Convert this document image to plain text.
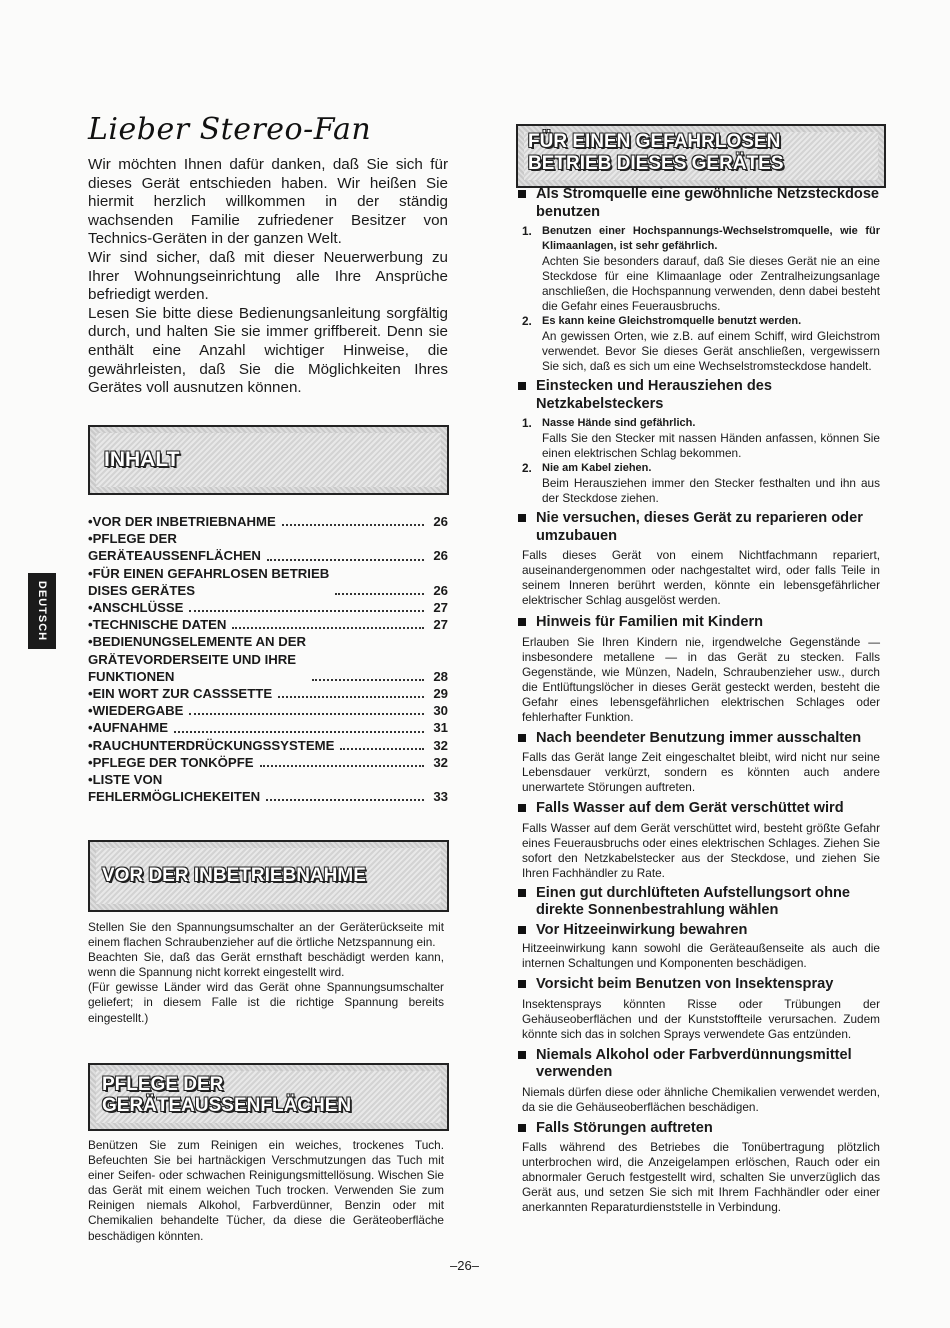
Lieber Stereo-Fan

Wir möchten Ihnen dafür danken, daß Sie sich für dieses Gerät entschieden haben. Wir heißen Sie hiermit herzlich willkommen in der ständig wachsenden Familie zufriedener Besitzer von Technics-Geräten in der ganzen Welt.

Wir sind sicher, daß mit dieser Neuerwerbung zu Ihrer Wohnungseinrichtung alle Ihre Ansprüche befriedigt werden.

Lesen Sie bitte diese Bedienungsanleitung sorgfältig durch, und halten Sie sie immer griffbereit. Denn sie enthält eine Anzahl wichtiger Hinweise, die gewährleisten, daß Sie die Möglichkeiten Ihres Gerätes voll ausnutzen können.

INHALT
•VOR DER INBETRIEBNAHME	26
•PFLEGE DER
GERÄTEAUSSENFLÄCHEN	26
•FÜR EINEN GEFAHRLOSEN BETRIEB
DISES GERÄTES	26
•ANSCHLÜSSE	27
•TECHNISCHE DATEN	27
•BEDIENUNGSELEMENTE AN DER
GRÄTEVORDERSEITE UND IHRE
FUNKTIONEN	28
•EIN WORT ZUR CASSSETTE	29
•WIEDERGABE	30
•AUFNAHME	31
•RAUCHUNTERDRÜCKUNGSSYSTEME	32
•PFLEGE DER TONKÖPFE	32
•LISTE VON
FEHLERMÖGLICHEKEITEN	33
VOR DER INBETRIEBNAHME

Stellen Sie den Spannungsumschalter an der Geräterückseite mit einem flachen Schraubenzieher auf die örtliche Netzspannung ein.

Beachten Sie, daß das Gerät ernsthaft beschädigt werden kann, wenn die Spannung nicht korrekt eingestellt wird.

(Für gewisse Länder wird das Gerät ohne Spannungsumschalter geliefert; in diesem Falle ist die richtige Spannung bereits eingestellt.)

PFLEGE DER
GERÄTEAUSSENFLÄCHEN

Benützen Sie zum Reinigen ein weiches, trockenes Tuch. Befeuchten Sie bei hartnäckigen Verschmutzungen das Tuch mit einer Seifen- oder schwachen Reinigungsmittellösung. Wischen Sie das Gerät mit einem weichen Tuch trocken. Verwenden Sie zum Reinigen niemals Alkohol, Farbverdünner, Benzin oder mit Chemikalien behandelte Tücher, da diese die Geräteoberfläche beschädigen könnten.

DEUTSCH
FÜR EINEN GEFAHRLOSEN
BETRIEB DIESES GERÄTES
Als Stromquelle eine gewöhnliche Netzsteckdose benutzen
1. Benutzen einer Hochspannungs-Wechselstromquelle, wie für Klimaanlagen, ist sehr gefährlich.
Achten Sie besonders darauf, daß Sie dieses Gerät nie an eine Steckdose für eine Klimaanlage oder Zentralheizungsanlage anschließen, die Hochspannung verwenden, denn dabei besteht die Gefahr eines Feuerausbruchs.
2. Es kann keine Gleichstromquelle benutzt werden.
An gewissen Orten, wie z.B. auf einem Schiff, wird Gleichstrom verwendet. Bevor Sie dieses Gerät anschließen, vergewissern Sie sich, daß es sich um eine Wechselstromsteckdose handelt.
Einstecken und Herausziehen des Netzkabelsteckers
1. Nasse Hände sind gefährlich.
Falls Sie den Stecker mit nassen Händen anfassen, können Sie einen elektrischen Schlag bekommen.
2. Nie am Kabel ziehen.
Beim Herausziehen immer den Stecker festhalten und ihn aus der Steckdose ziehen.
Nie versuchen, dieses Gerät zu reparieren oder umzubauen

Falls dieses Gerät von einem Nichtfachmann repariert, auseinandergenommen oder nachgestaltet wird, oder falls Teile in seinem Inneren berührt werden, könnte ein lebensgefährlicher elektrischer Schlag ausgelöst werden.

Hinweis für Familien mit Kindern

Erlauben Sie Ihren Kindern nie, irgendwelche Gegenstände — insbesondere metallene — in das Gerät zu stecken. Falls Gegenstände, wie Münzen, Nadeln, Schraubenzieher usw., durch die Entlüftungslöcher in dieses Gerät gesteckt werden, besteht die Gefahr eines lebensgefährlichen elektrischen Schlages oder fehlerhafter Funktion.

Nach beendeter Benutzung immer ausschalten

Falls das Gerät lange Zeit eingeschaltet bleibt, wird nicht nur seine Lebensdauer verkürzt, sondern es könnten auch andere unerwartete Störungen auftreten.

Falls Wasser auf dem Gerät verschüttet wird

Falls Wasser auf dem Gerät verschüttet wird, besteht größte Gefahr eines Feuerausbruchs oder eines elektrischen Schlages. Ziehen Sie sofort den Netzkabelstecker aus der Steckdose, und ziehen Sie Ihren Fachhändler zu Rate.

Einen gut durchlüfteten Aufstellungsort ohne direkte Sonnenbestrahlung wählen
Vor Hitzeeinwirkung bewahren

Hitzeeinwirkung kann sowohl die Geräteaußenseite als auch die internen Schaltungen und Komponenten beschädigen.

Vorsicht beim Benutzen von Insektenspray

Insektensprays könnten Risse oder Trübungen der Gehäuseoberflächen und der Kunststoffteile verursachen. Zudem könnte sich das in solchen Sprays verwendete Gas entzünden.

Niemals Alkohol oder Farbverdünnungsmittel verwenden

Niemals dürfen diese oder ähnliche Chemikalien verwendet werden, da sie die Gehäuseoberflächen beschädigen.

Falls Störungen auftreten

Falls während des Betriebes die Tonübertragung plötzlich unterbrochen wird, die Anzeigelampen erlöschen, Rauch oder ein abnormaler Geruch festgestellt wird, schalten Sie unverzüglich das Gerät aus, und setzen Sie sich mit Ihrem Fachhändler oder einer anerkannten Reparaturdienststelle in Verbindung.

–26–
